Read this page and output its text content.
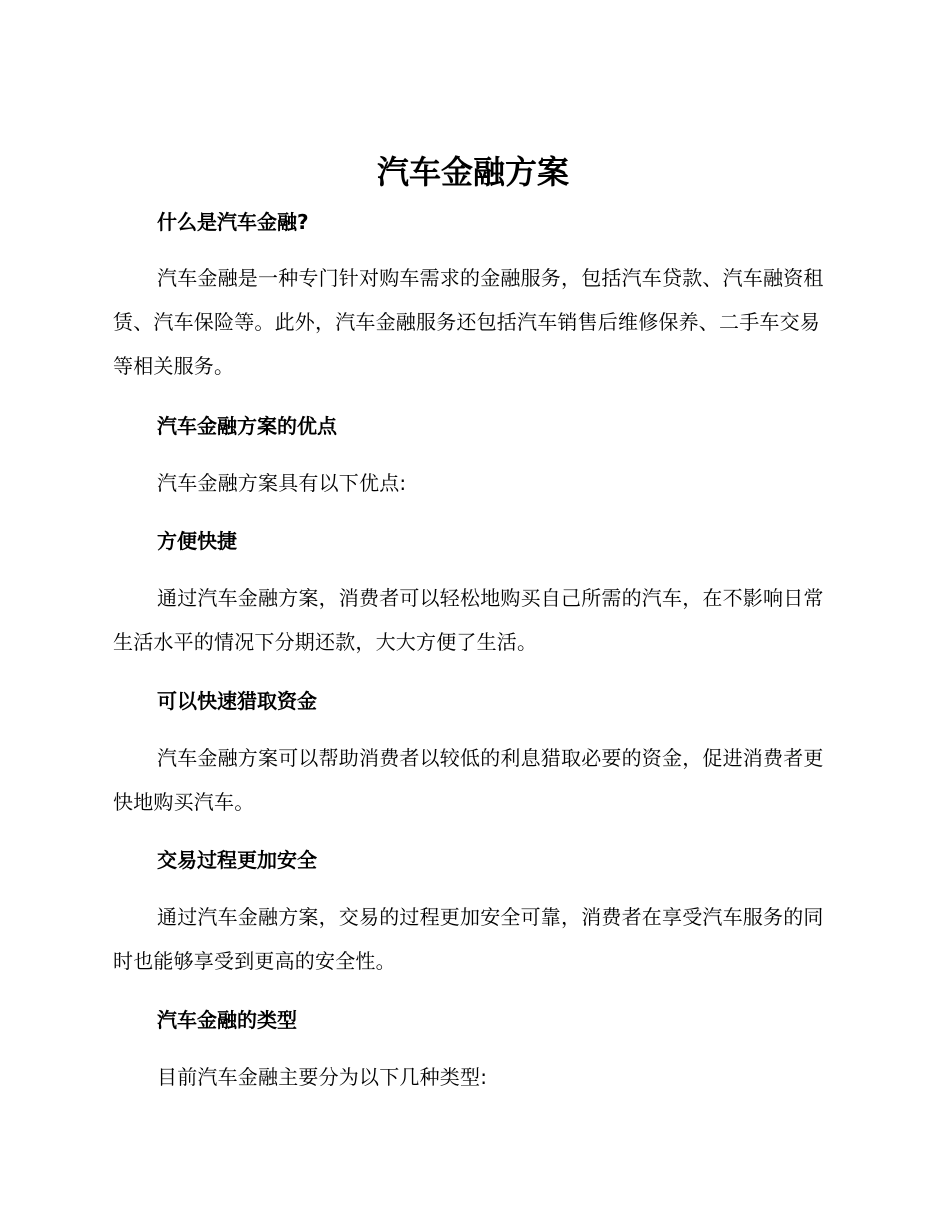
汽车金融方案
什么是汽车金融?

汽车金融是一种专门针对购车需求的金融服务，包括汽车贷款、汽车融资租赁、汽车保险等。此外，汽车金融服务还包括汽车销售后维修保养、二手车交易等相关服务。

汽车金融方案的优点

汽车金融方案具有以下优点:

方便快捷

通过汽车金融方案，消费者可以轻松地购买自己所需的汽车，在不影响日常生活水平的情况下分期还款，大大方便了生活。

可以快速猎取资金

汽车金融方案可以帮助消费者以较低的利息猎取必要的资金，促进消费者更快地购买汽车。

交易过程更加安全

通过汽车金融方案，交易的过程更加安全可靠，消费者在享受汽车服务的同时也能够享受到更高的安全性。

汽车金融的类型

目前汽车金融主要分为以下几种类型:
